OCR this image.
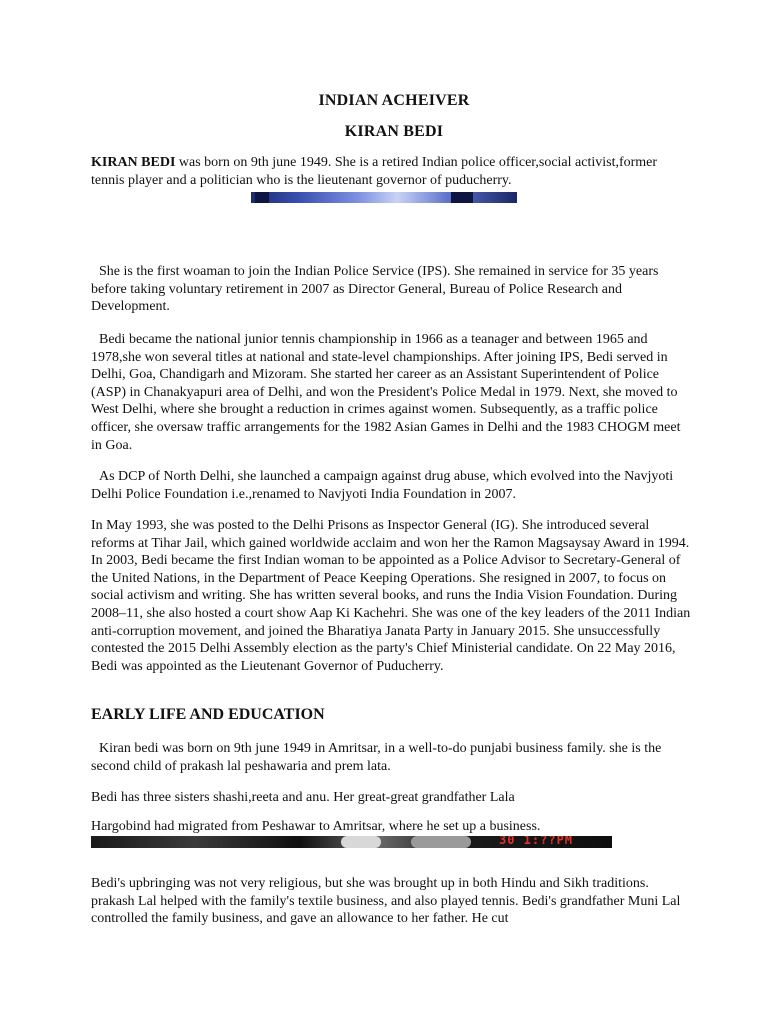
INDIAN ACHEIVER
KIRAN BEDI
KIRAN BEDI was born on 9th june 1949. She is a retired Indian police officer,social activist,former tennis player and a politician who is the lieutenant governor of puducherry.
She is the first woaman to join the Indian Police Service (IPS). She remained in service for 35 years before taking voluntary retirement in 2007 as Director General, Bureau of Police Research and Development.
Bedi became the national junior tennis championship in 1966 as a teanager and between 1965 and 1978,she won several titles at national and state-level championships. After joining IPS, Bedi served in Delhi, Goa, Chandigarh and Mizoram. She started her career as an Assistant Superintendent of Police (ASP) in Chanakyapuri area of Delhi, and won the President's Police Medal in 1979. Next, she moved to West Delhi, where she brought a reduction in crimes against women. Subsequently, as a traffic police officer, she oversaw traffic arrangements for the 1982 Asian Games in Delhi and the 1983 CHOGM meet in Goa.
As DCP of North Delhi, she launched a campaign against drug abuse, which evolved into the Navjyoti Delhi Police Foundation i.e.,renamed to Navjyoti India Foundation in 2007.
In May 1993, she was posted to the Delhi Prisons as Inspector General (IG). She introduced several reforms at Tihar Jail, which gained worldwide acclaim and won her the Ramon Magsaysay Award in 1994. In 2003, Bedi became the first Indian woman to be appointed as a Police Advisor to Secretary-General of the United Nations, in the Department of Peace Keeping Operations. She resigned in 2007, to focus on social activism and writing. She has written several books, and runs the India Vision Foundation. During 2008–11, she also hosted a court show Aap Ki Kachehri. She was one of the key leaders of the 2011 Indian anti-corruption movement, and joined the Bharatiya Janata Party in January 2015. She unsuccessfully contested the 2015 Delhi Assembly election as the party's Chief Ministerial candidate. On 22 May 2016, Bedi was appointed as the Lieutenant Governor of Puducherry.
EARLY LIFE AND EDUCATION
Kiran bedi was born on 9th june 1949 in Amritsar, in a well-to-do punjabi business family. she is the second child of prakash lal peshawaria and prem lata.
Bedi has three sisters shashi,reeta and anu. Her great-great grandfather Lala
Hargobind had migrated from Peshawar to Amritsar, where he set up a business.
30 1:??PM
Bedi's upbringing was not very religious, but she was brought up in both Hindu and Sikh traditions. prakash Lal helped with the family's textile business, and also played tennis. Bedi's grandfather Muni Lal controlled the family business, and gave an allowance to her father. He cut
